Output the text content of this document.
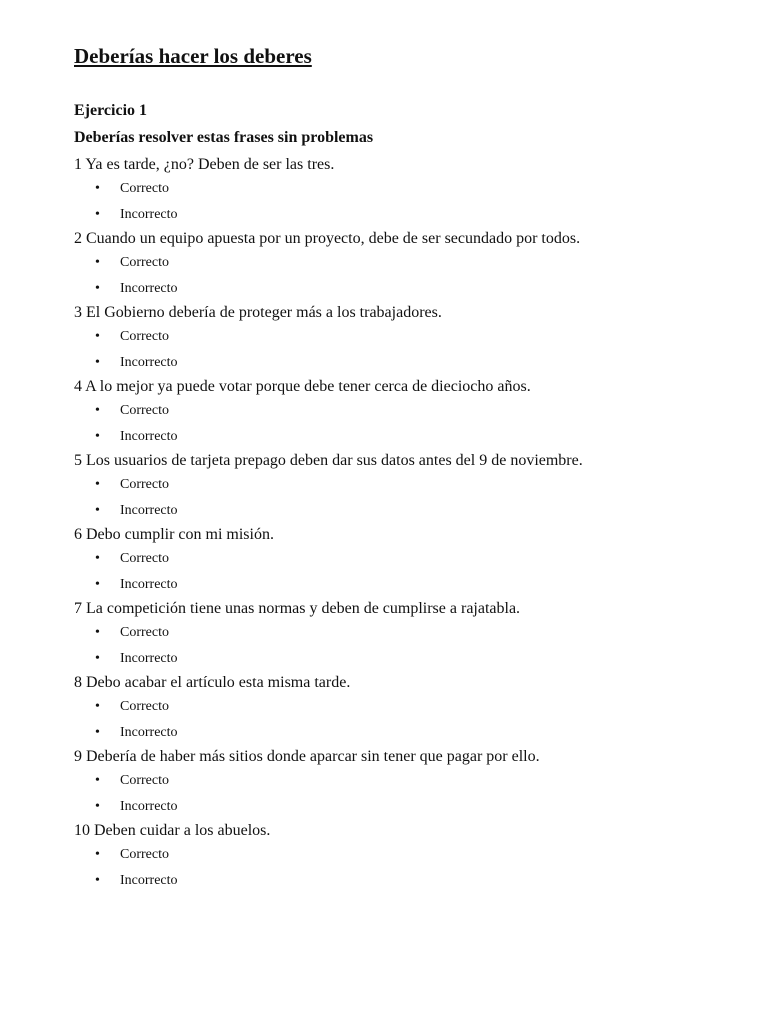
Deberías hacer los deberes
Ejercicio 1

Deberías resolver estas frases sin problemas

1 Ya es tarde, ¿no? Deben de ser las tres.

• Correcto
• Incorrecto

2 Cuando un equipo apuesta por un proyecto, debe de ser secundado por todos.

• Correcto
• Incorrecto

3 El Gobierno debería de proteger más a los trabajadores.

• Correcto
• Incorrecto

4 A lo mejor ya puede votar porque debe tener cerca de dieciocho años.

• Correcto
• Incorrecto

5 Los usuarios de tarjeta prepago deben dar sus datos antes del 9 de noviembre.

• Correcto
• Incorrecto

6 Debo cumplir con mi misión.

• Correcto
• Incorrecto

7 La competición tiene unas normas y deben de cumplirse a rajatabla.

• Correcto
• Incorrecto

8 Debo acabar el artículo esta misma tarde.

• Correcto
• Incorrecto

9 Debería de haber más sitios donde aparcar sin tener que pagar por ello.

• Correcto
• Incorrecto

10 Deben cuidar a los abuelos.

• Correcto
• Incorrecto
